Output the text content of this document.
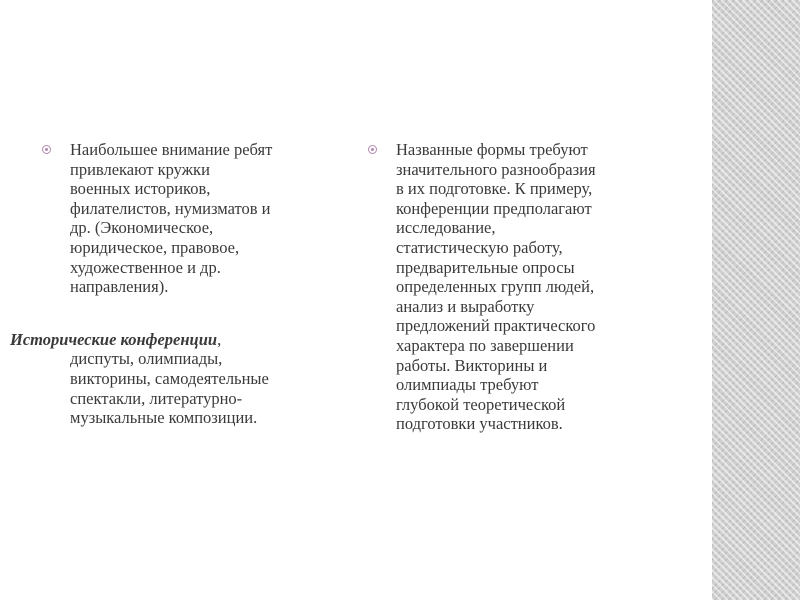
Наибольшее внимание ребят
привлекают кружки
военных историков,
филателистов, нумизматов и
др. (Экономическое,
юридическое, правовое,
художественное и др.
направления).
Исторические конференции,
диспуты, олимпиады,
викторины, самодеятельные
спектакли, литературно-
музыкальные композиции.
Названные формы требуют
значительного разнообразия
в их подготовке. К примеру,
конференции предполагают
исследование,
статистическую работу,
предварительные опросы
определенных групп людей,
анализ и выработку
предложений практического
характера по завершении
работы. Викторины и
олимпиады требуют
глубокой теоретической
подготовки участников.
